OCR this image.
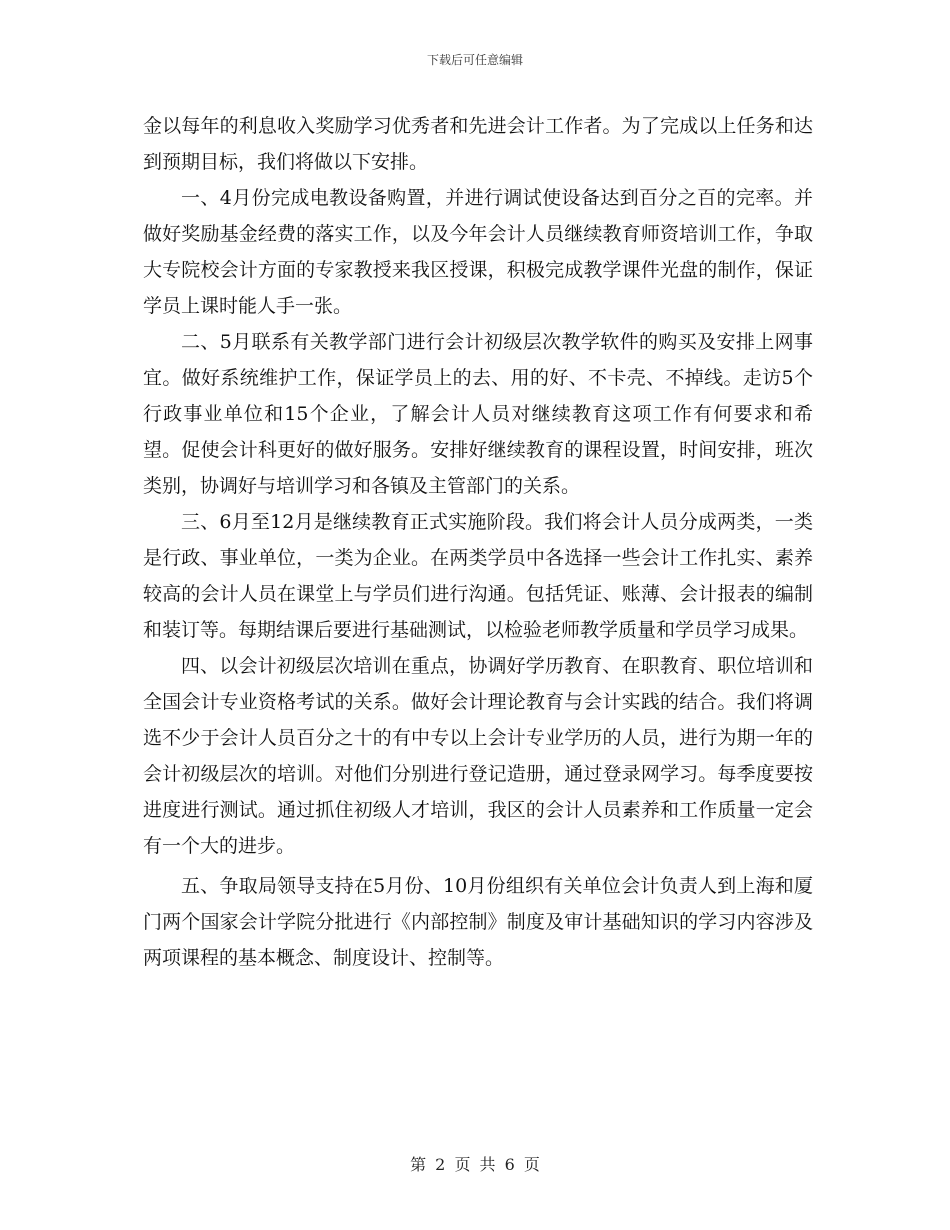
下载后可任意编辑

金以每年的利息收入奖励学习优秀者和先进会计工作者。为了完成以上任务和达到预期目标，我们将做以下安排。

一、4月份完成电教设备购置，并进行调试使设备达到百分之百的完率。并做好奖励基金经费的落实工作，以及今年会计人员继续教育师资培训工作，争取大专院校会计方面的专家教授来我区授课，积极完成教学课件光盘的制作，保证学员上课时能人手一张。

二、5月联系有关教学部门进行会计初级层次教学软件的购买及安排上网事宜。做好系统维护工作，保证学员上的去、用的好、不卡壳、不掉线。走访5个行政事业单位和15个企业，了解会计人员对继续教育这项工作有何要求和希望。促使会计科更好的做好服务。安排好继续教育的课程设置，时间安排，班次类别，协调好与培训学习和各镇及主管部门的关系。

三、6月至12月是继续教育正式实施阶段。我们将会计人员分成两类，一类是行政、事业单位，一类为企业。在两类学员中各选择一些会计工作扎实、素养较高的会计人员在课堂上与学员们进行沟通。包括凭证、账薄、会计报表的编制和装订等。每期结课后要进行基础测试，以检验老师教学质量和学员学习成果。

四、以会计初级层次培训在重点，协调好学历教育、在职教育、职位培训和全国会计专业资格考试的关系。做好会计理论教育与会计实践的结合。我们将调选不少于会计人员百分之十的有中专以上会计专业学历的人员，进行为期一年的会计初级层次的培训。对他们分别进行登记造册，通过登录网学习。每季度要按进度进行测试。通过抓住初级人才培训，我区的会计人员素养和工作质量一定会有一个大的进步。

五、争取局领导支持在5月份、10月份组织有关单位会计负责人到上海和厦门两个国家会计学院分批进行《内部控制》制度及审计基础知识的学习内容涉及两项课程的基本概念、制度设计、控制等。

第 2 页 共 6 页
